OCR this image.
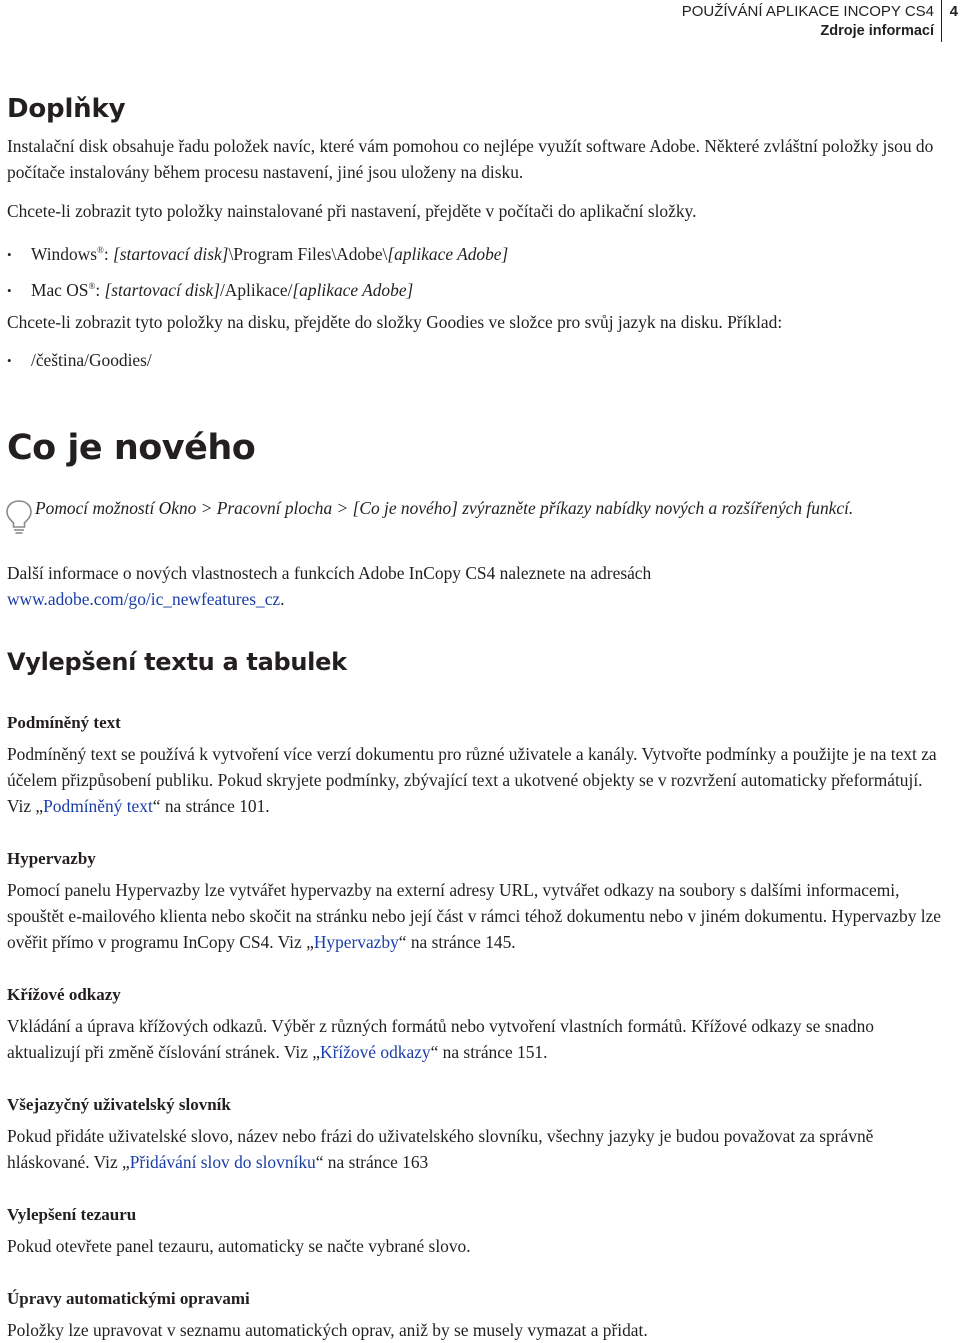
POUŽÍVÁNÍ APLIKACE INCOPY CS4
Zdroje informací
4
Doplňky

Instalační disk obsahuje řadu položek navíc, které vám pomohou co nejlépe využít software Adobe. Některé zvláštní položky jsou do počítače instalovány během procesu nastavení, jiné jsou uloženy na disku.

Chcete-li zobrazit tyto položky nainstalované při nastavení, přejděte v počítači do aplikační složky.

• Windows®: [startovací disk]\Program Files\Adobe\[aplikace Adobe]
• Mac OS®: [startovací disk]/Aplikace/[aplikace Adobe]

Chcete-li zobrazit tyto položky na disku, přejděte do složky Goodies ve složce pro svůj jazyk na disku. Příklad:

• /čeština/Goodies/
Co je nového
Pomocí možností Okno > Pracovní plocha > [Co je nového] zvýrazněte příkazy nabídky nových a rozšířených funkcí.

Další informace o nových vlastnostech a funkcích Adobe InCopy CS4 naleznete na adresách
www.adobe.com/go/ic_newfeatures_cz.

Vylepšení textu a tabulek
Podmíněný text

Podmíněný text se používá k vytvoření více verzí dokumentu pro různé uživatele a kanály. Vytvořte podmínky a použijte je na text za účelem přizpůsobení publiku. Pokud skryjete podmínky, zbývající text a ukotvené objekty se v rozvržení automaticky přeformátují. Viz „Podmíněný text“ na stránce 101.

Hypervazby

Pomocí panelu Hypervazby lze vytvářet hypervazby na externí adresy URL, vytvářet odkazy na soubory s dalšími informacemi, spouštět e-mailového klienta nebo skočit na stránku nebo její část v rámci téhož dokumentu nebo v jiném dokumentu. Hypervazby lze ověřit přímo v programu InCopy CS4. Viz „Hypervazby“ na stránce 145.

Křížové odkazy

Vkládání a úprava křížových odkazů. Výběr z různých formátů nebo vytvoření vlastních formátů. Křížové odkazy se snadno aktualizují při změně číslování stránek. Viz „Křížové odkazy“ na stránce 151.

Všejazyčný uživatelský slovník

Pokud přidáte uživatelské slovo, název nebo frázi do uživatelského slovníku, všechny jazyky je budou považovat za správně hláskované. Viz „Přidávání slov do slovníku“ na stránce 163

Vylepšení tezauru

Pokud otevřete panel tezauru, automaticky se načte vybrané slovo.

Úpravy automatickými opravami

Položky lze upravovat v seznamu automatických oprav, aniž by se musely vymazat a přidat.
